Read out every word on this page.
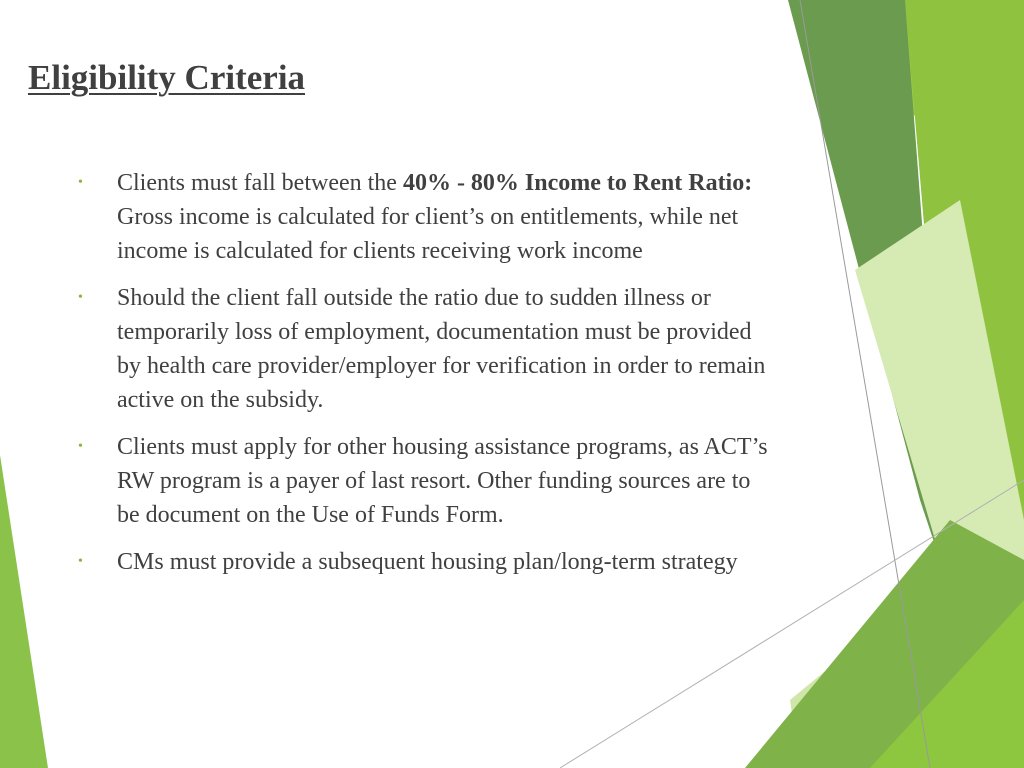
Eligibility Criteria
• Clients must fall between the 40% - 80% Income to Rent Ratio: Gross income is calculated for client’s on entitlements, while net income is calculated for clients receiving work income
• Should the client fall outside the ratio due to sudden illness or temporarily loss of employment, documentation must be provided by health care provider/employer for verification in order to remain active on the subsidy.
• Clients must apply for other housing assistance programs, as ACT’s RW program is a payer of last resort. Other funding sources are to be document on the Use of Funds Form.
• CMs must provide a subsequent housing plan/long-term strategy
